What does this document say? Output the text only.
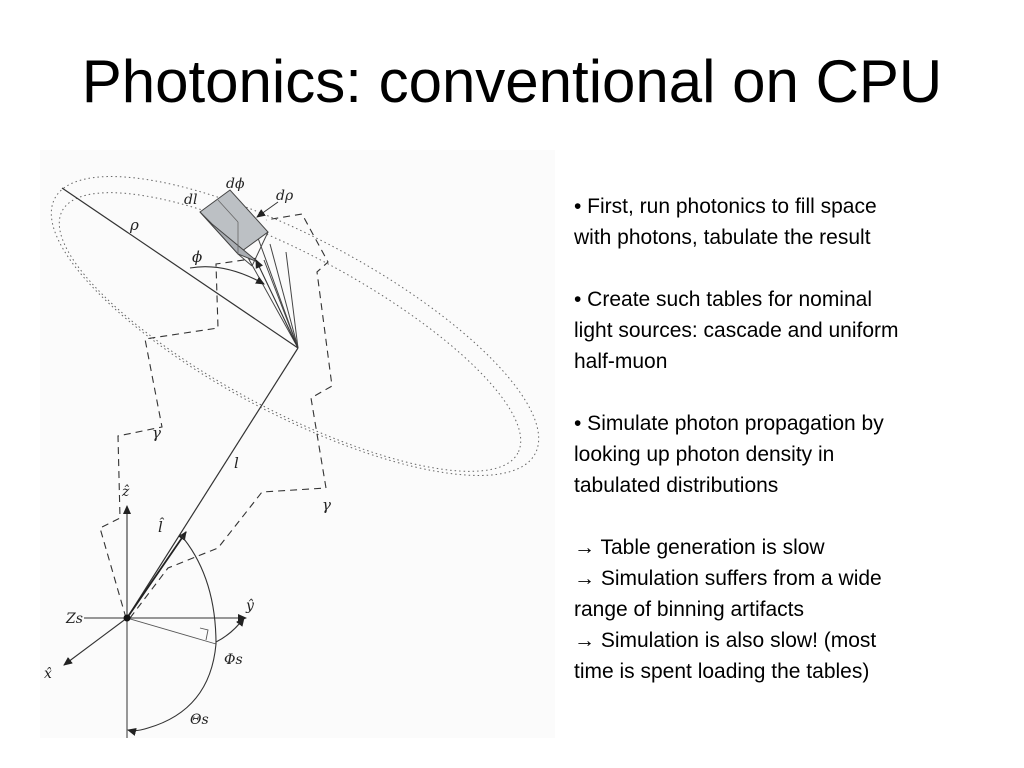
Photonics: conventional on CPU
dl
dϕ
dρ
ρ
ϕ
γ
γ
l
l̂
ẑ
ŷ
x̂
Zs
Φs
Θs

• First, run photonics to fill space
with photons, tabulate the result

• Create such tables for nominal
light sources: cascade and uniform
half-muon

• Simulate photon propagation by
looking up photon density in
tabulated distributions

→ Table generation is slow
→ Simulation suffers from a wide
range of binning artifacts
→ Simulation is also slow! (most
time is spent loading the tables)
